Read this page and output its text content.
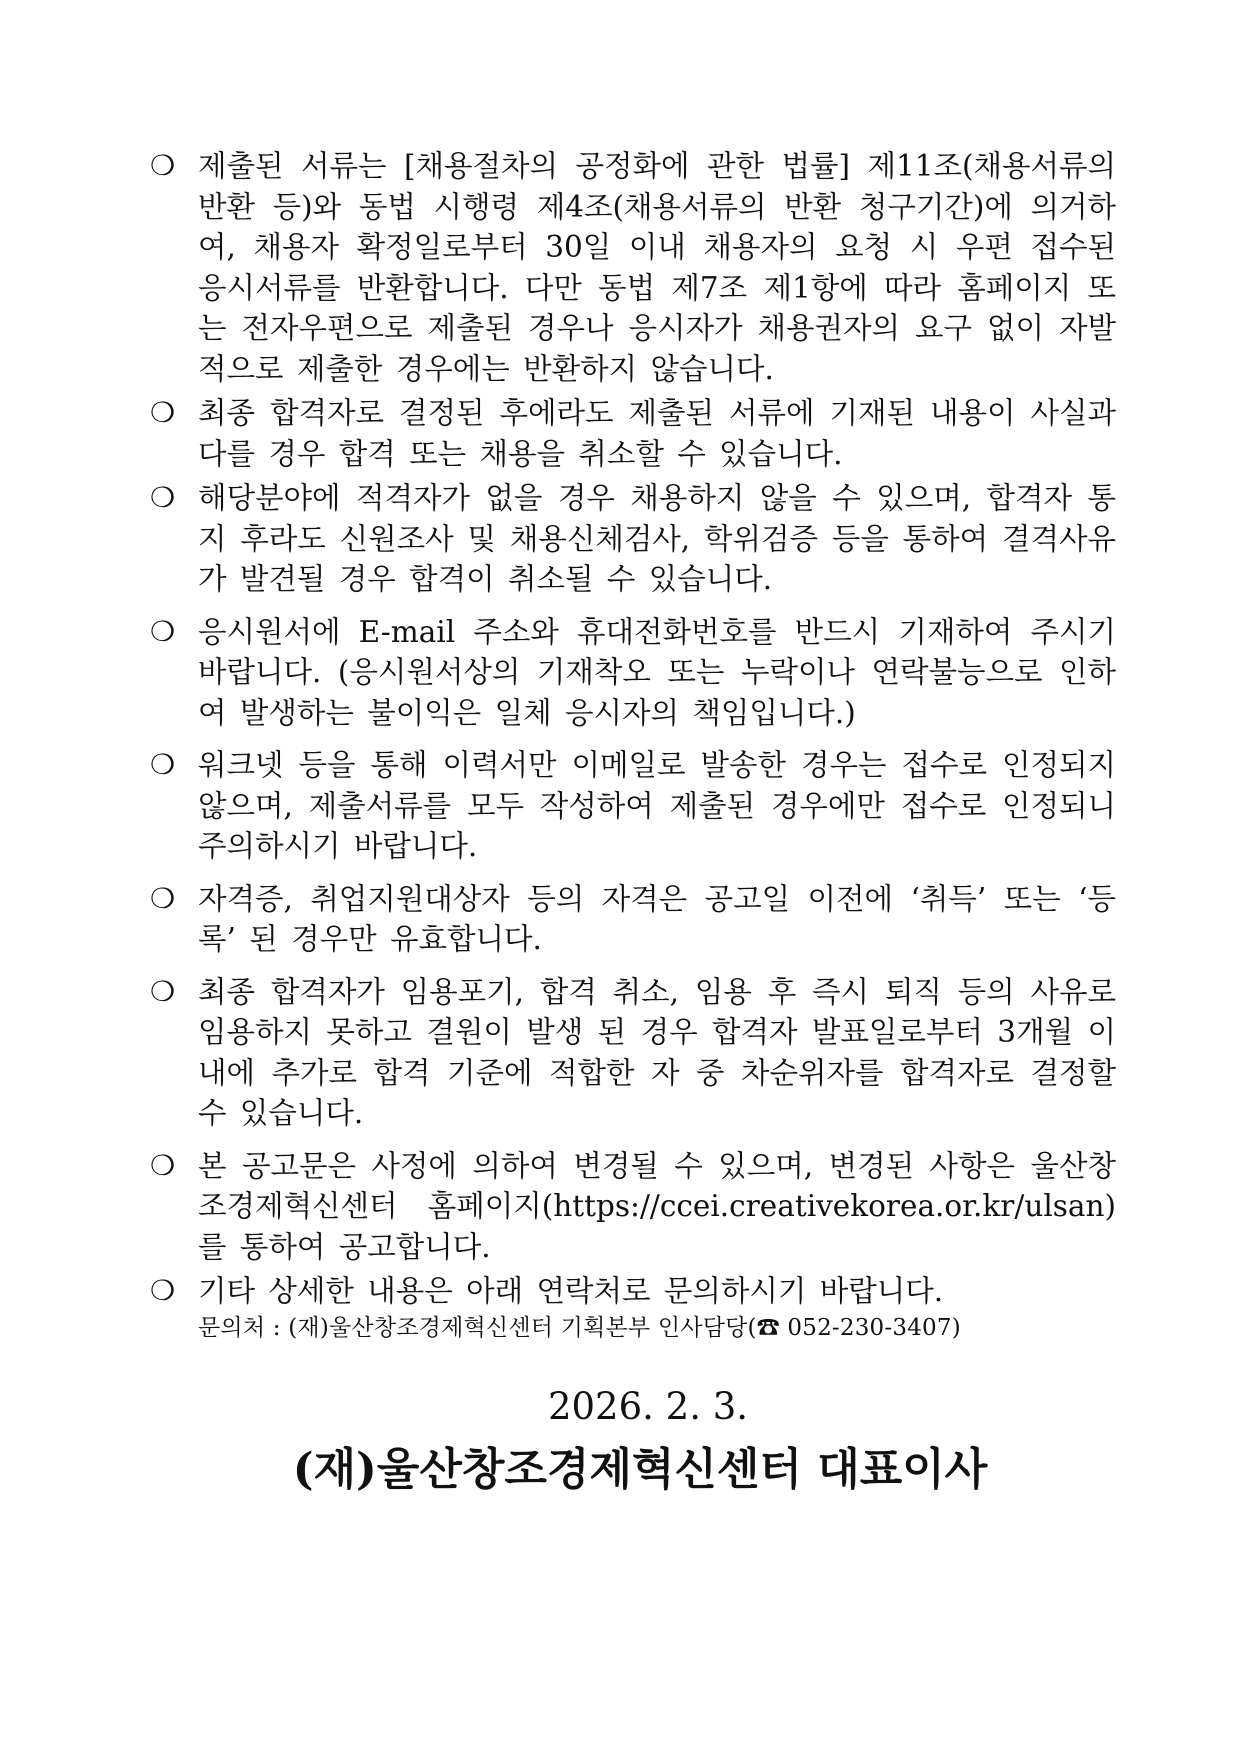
❍ 제출된 서류는 [채용절차의 공정화에 관한 법률] 제11조(채용서류의 반환 등)와 동법 시행령 제4조(채용서류의 반환 청구기간)에 의거하여, 채용자 확정일로부터 30일 이내 채용자의 요청 시 우편 접수된 응시서류를 반환합니다. 다만 동법 제7조 제1항에 따라 홈페이지 또는 전자우편으로 제출된 경우나 응시자가 채용권자의 요구 없이 자발적으로 제출한 경우에는 반환하지 않습니다.
❍ 최종 합격자로 결정된 후에라도 제출된 서류에 기재된 내용이 사실과 다를 경우 합격 또는 채용을 취소할 수 있습니다.
❍ 해당분야에 적격자가 없을 경우 채용하지 않을 수 있으며, 합격자 통지 후라도 신원조사 및 채용신체검사, 학위검증 등을 통하여 결격사유가 발견될 경우 합격이 취소될 수 있습니다.
❍ 응시원서에 E-mail 주소와 휴대전화번호를 반드시 기재하여 주시기 바랍니다. (응시원서상의 기재착오 또는 누락이나 연락불능으로 인하여 발생하는 불이익은 일체 응시자의 책임입니다.)
❍ 워크넷 등을 통해 이력서만 이메일로 발송한 경우는 접수로 인정되지 않으며, 제출서류를 모두 작성하여 제출된 경우에만 접수로 인정되니 주의하시기 바랍니다.
❍ 자격증, 취업지원대상자 등의 자격은 공고일 이전에 ‘취득’ 또는 ‘등록’ 된 경우만 유효합니다.
❍ 최종 합격자가 임용포기, 합격 취소, 임용 후 즉시 퇴직 등의 사유로 임용하지 못하고 결원이 발생 된 경우 합격자 발표일로부터 3개월 이내에 추가로 합격 기준에 적합한 자 중 차순위자를 합격자로 결정할 수 있습니다.
❍ 본 공고문은 사정에 의하여 변경될 수 있으며, 변경된 사항은 울산창조경제혁신센터 홈페이지(https://ccei.creativekorea.or.kr/ulsan)를 통하여 공고합니다.
❍ 기타 상세한 내용은 아래 연락처로 문의하시기 바랍니다.
문의처 : (재)울산창조경제혁신센터 기획본부 인사담당(☎ 052-230-3407)
2026. 2. 3.
(재)울산창조경제혁신센터 대표이사
